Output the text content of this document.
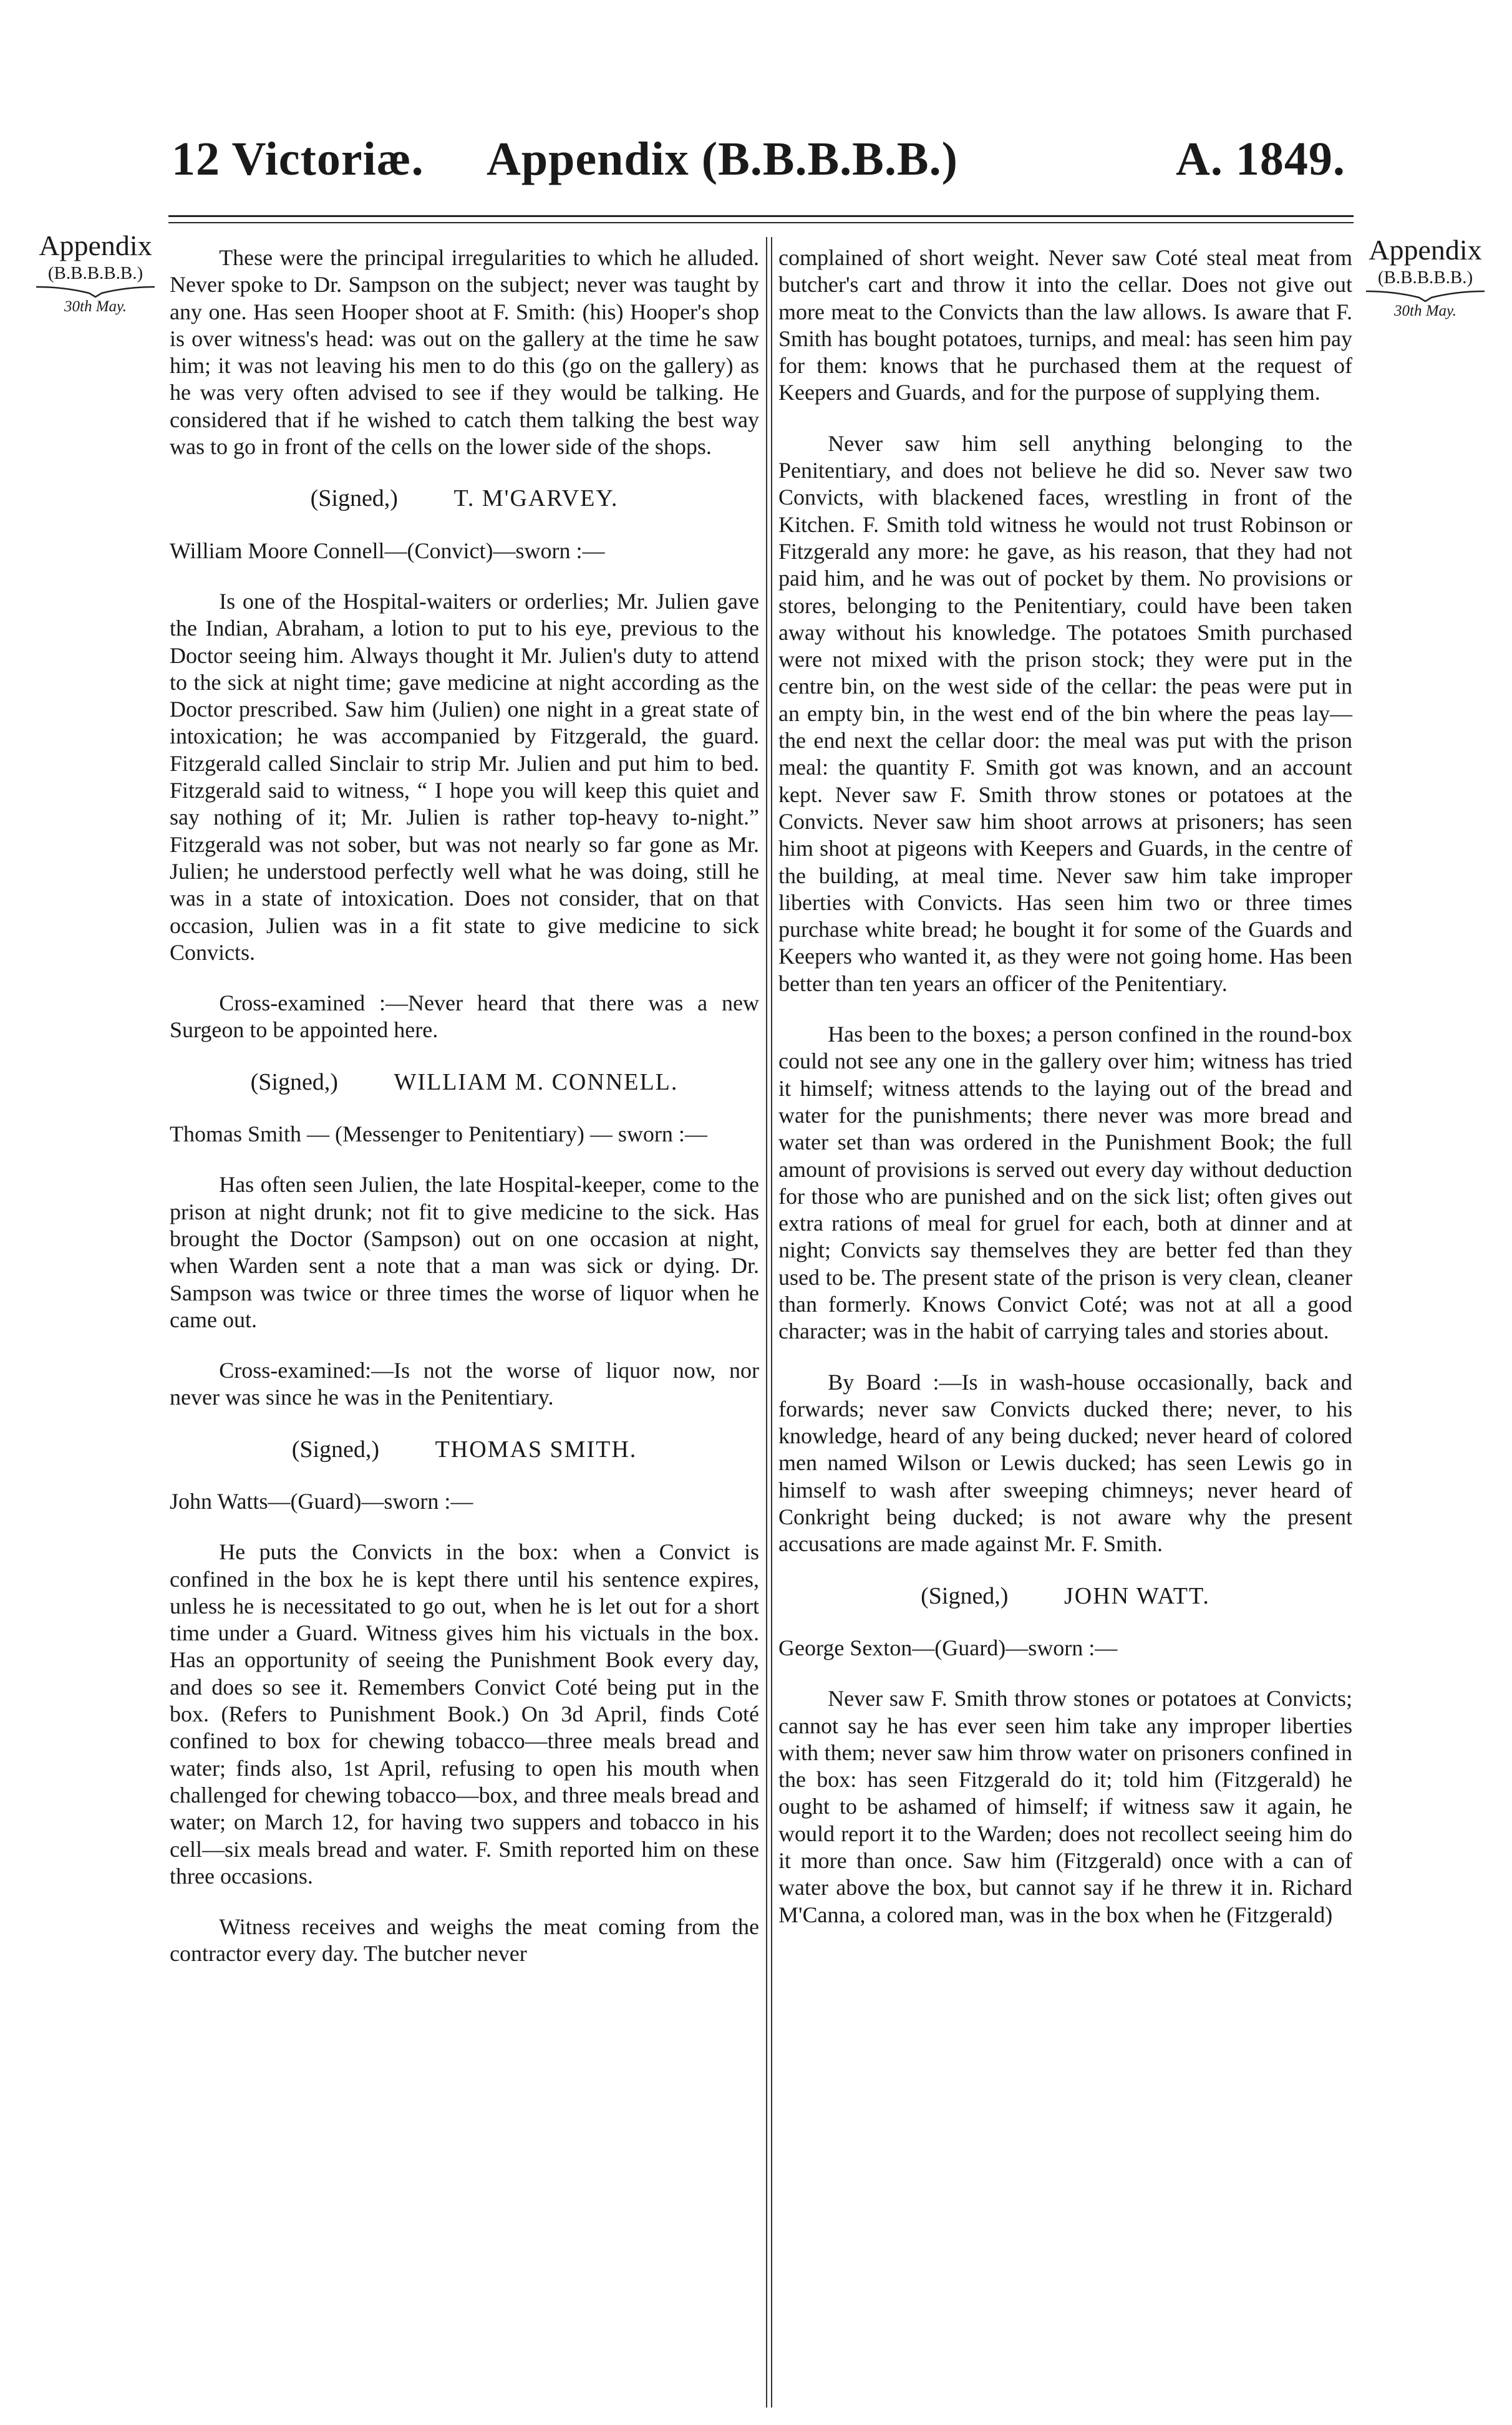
12 Victoriæ. Appendix (B.B.B.B.B.)	A. 1849.
Appendix
(B.B.B.B.B.)
30th May.
Appendix
(B.B.B.B.B.)
30th May.

These were the principal irregularities to which he alluded. Never spoke to Dr. Sampson on the subject; never was taught by any one. Has seen Hooper shoot at F. Smith: (his) Hooper's shop is over witness's head: was out on the gallery at the time he saw him; it was not leaving his men to do this (go on the gallery) as he was very often advised to see if they would be talking. He considered that if he wished to catch them talking the best way was to go in front of the cells on the lower side of the shops.

(Signed,) T. M'GARVEY.

William Moore Connell—(Convict)—sworn :—

Is one of the Hospital-waiters or orderlies; Mr. Julien gave the Indian, Abraham, a lotion to put to his eye, previous to the Doctor seeing him. Always thought it Mr. Julien's duty to attend to the sick at night time; gave medicine at night according as the Doctor prescribed. Saw him (Julien) one night in a great state of intoxication; he was accompanied by Fitzgerald, the guard. Fitzgerald called Sinclair to strip Mr. Julien and put him to bed. Fitzgerald said to witness, “ I hope you will keep this quiet and say nothing of it; Mr. Julien is rather top-heavy to-night.” Fitzgerald was not sober, but was not nearly so far gone as Mr. Julien; he understood perfectly well what he was doing, still he was in a state of intoxication. Does not consider, that on that occasion, Julien was in a fit state to give medicine to sick Convicts.

Cross-examined :—Never heard that there was a new Surgeon to be appointed here.

(Signed,) WILLIAM M. CONNELL.

Thomas Smith — (Messenger to Penitentiary) — sworn :—

Has often seen Julien, the late Hospital-keeper, come to the prison at night drunk; not fit to give medicine to the sick. Has brought the Doctor (Sampson) out on one occasion at night, when Warden sent a note that a man was sick or dying. Dr. Sampson was twice or three times the worse of liquor when he came out.

Cross-examined:—Is not the worse of liquor now, nor never was since he was in the Penitentiary.

(Signed,) THOMAS SMITH.

John Watts—(Guard)—sworn :—

He puts the Convicts in the box: when a Convict is confined in the box he is kept there until his sentence expires, unless he is necessitated to go out, when he is let out for a short time under a Guard. Witness gives him his victuals in the box. Has an opportunity of seeing the Punishment Book every day, and does so see it. Remembers Convict Coté being put in the box. (Refers to Punishment Book.) On 3d April, finds Coté confined to box for chewing tobacco—three meals bread and water; finds also, 1st April, refusing to open his mouth when challenged for chewing tobacco—box, and three meals bread and water; on March 12, for having two suppers and tobacco in his cell—six meals bread and water. F. Smith reported him on these three occasions.

Witness receives and weighs the meat coming from the contractor every day. The butcher never

complained of short weight. Never saw Coté steal meat from butcher's cart and throw it into the cellar. Does not give out more meat to the Convicts than the law allows. Is aware that F. Smith has bought potatoes, turnips, and meal: has seen him pay for them: knows that he purchased them at the request of Keepers and Guards, and for the purpose of supplying them.

Never saw him sell anything belonging to the Penitentiary, and does not believe he did so. Never saw two Convicts, with blackened faces, wrestling in front of the Kitchen. F. Smith told witness he would not trust Robinson or Fitzgerald any more: he gave, as his reason, that they had not paid him, and he was out of pocket by them. No provisions or stores, belonging to the Penitentiary, could have been taken away without his knowledge. The potatoes Smith purchased were not mixed with the prison stock; they were put in the centre bin, on the west side of the cellar: the peas were put in an empty bin, in the west end of the bin where the peas lay—the end next the cellar door: the meal was put with the prison meal: the quantity F. Smith got was known, and an account kept. Never saw F. Smith throw stones or potatoes at the Convicts. Never saw him shoot arrows at prisoners; has seen him shoot at pigeons with Keepers and Guards, in the centre of the building, at meal time. Never saw him take improper liberties with Convicts. Has seen him two or three times purchase white bread; he bought it for some of the Guards and Keepers who wanted it, as they were not going home. Has been better than ten years an officer of the Penitentiary.

Has been to the boxes; a person confined in the round-box could not see any one in the gallery over him; witness has tried it himself; witness attends to the laying out of the bread and water for the punishments; there never was more bread and water set than was ordered in the Punishment Book; the full amount of provisions is served out every day without deduction for those who are punished and on the sick list; often gives out extra rations of meal for gruel for each, both at dinner and at night; Convicts say themselves they are better fed than they used to be. The present state of the prison is very clean, cleaner than formerly. Knows Convict Coté; was not at all a good character; was in the habit of carrying tales and stories about.

By Board :—Is in wash-house occasionally, back and forwards; never saw Convicts ducked there; never, to his knowledge, heard of any being ducked; never heard of colored men named Wilson or Lewis ducked; has seen Lewis go in himself to wash after sweeping chimneys; never heard of Conkright being ducked; is not aware why the present accusations are made against Mr. F. Smith.

(Signed,) JOHN WATT.

George Sexton—(Guard)—sworn :—

Never saw F. Smith throw stones or potatoes at Convicts; cannot say he has ever seen him take any improper liberties with them; never saw him throw water on prisoners confined in the box: has seen Fitzgerald do it; told him (Fitzgerald) he ought to be ashamed of himself; if witness saw it again, he would report it to the Warden; does not recollect seeing him do it more than once. Saw him (Fitzgerald) once with a can of water above the box, but cannot say if he threw it in. Richard M'Canna, a colored man, was in the box when he (Fitzgerald)
